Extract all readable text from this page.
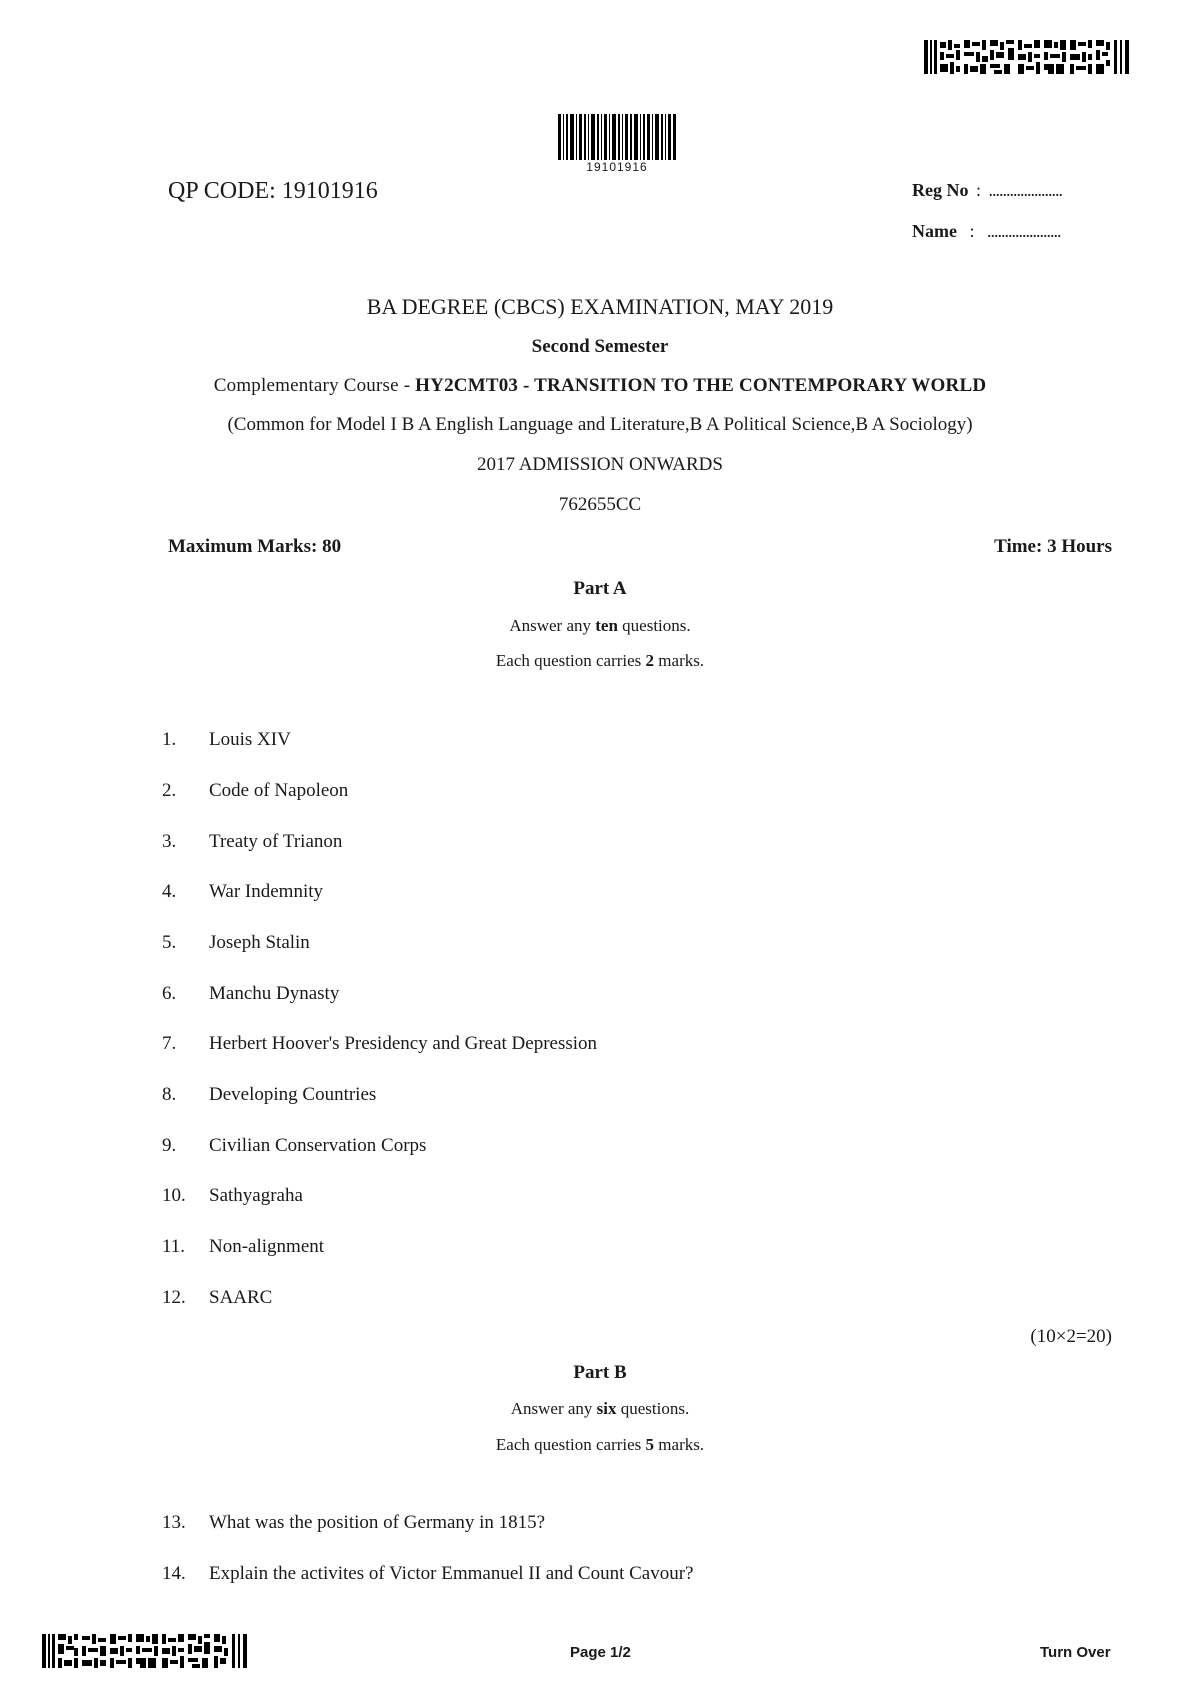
19101916
QP CODE: 19101916	Reg No : .....................
Name : .....................
BA DEGREE (CBCS) EXAMINATION, MAY 2019
Second Semester
Complementary Course - HY2CMT03 - TRANSITION TO THE CONTEMPORARY WORLD
(Common for Model I B A English Language and Literature,B A Political Science,B A Sociology)
2017 ADMISSION ONWARDS
762655CC
Maximum Marks: 80	Time: 3 Hours
Part A
Answer any ten questions.
Each question carries 2 marks.
1. Louis XIV
2. Code of Napoleon
3. Treaty of Trianon
4. War Indemnity
5. Joseph Stalin
6. Manchu Dynasty
7. Herbert Hoover's Presidency and Great Depression
8. Developing Countries
9. Civilian Conservation Corps
10. Sathyagraha
11. Non-alignment
12. SAARC
(10×2=20)
Part B
Answer any six questions.
Each question carries 5 marks.
13. What was the position of Germany in 1815?
14. Explain the activites of Victor Emmanuel II and Count Cavour?
Page 1/2	Turn Over
